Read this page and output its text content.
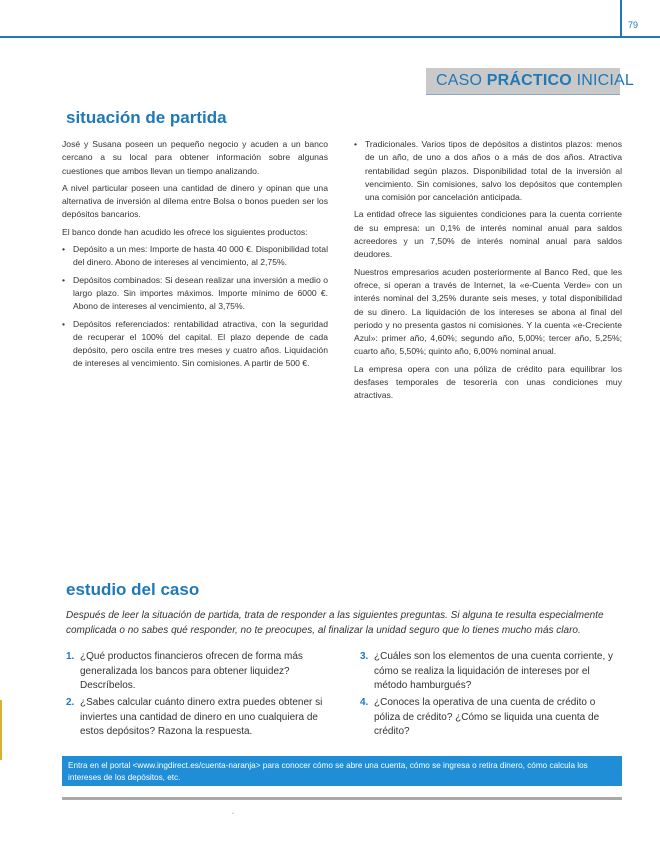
79
CASO PRÁCTICO INICIAL
situación de partida

José y Susana poseen un pequeño negocio y acuden a un banco cercano a su local para obtener información sobre algunas cuestiones que ambos llevan un tiempo analizando.

A nivel particular poseen una cantidad de dinero y opinan que una alternativa de inversión al dilema entre Bolsa o bonos pueden ser los depósitos bancarios.

El banco donde han acudido les ofrece los siguientes productos:

• Depósito a un mes: Importe de hasta 40 000 €. Disponibilidad total del dinero. Abono de intereses al vencimiento, al 2,75%.
• Depósitos combinados: Si desean realizar una inversión a medio o largo plazo. Sin importes máximos. Importe mínimo de 6000 €. Abono de intereses al vencimiento, al 3,75%.
• Depósitos referenciados: rentabilidad atractiva, con la seguridad de recuperar el 100% del capital. El plazo depende de cada depósito, pero oscila entre tres meses y cuatro años. Liquidación de intereses al vencimiento. Sin comisiones. A partir de 500 €.
• Tradicionales. Varios tipos de depósitos a distintos plazos: menos de un año, de uno a dos años o a más de dos años. Atractiva rentabilidad según plazos. Disponibilidad total de la inversión al vencimiento. Sin comisiones, salvo los depósitos que contemplen una comisión por cancelación anticipada.

La entidad ofrece las siguientes condiciones para la cuenta corriente de su empresa: un 0,1% de interés nominal anual para saldos acreedores y un 7,50% de interés nominal anual para saldos deudores.

Nuestros empresarios acuden posteriormente al Banco Red, que les ofrece, si operan a través de Internet, la «e-Cuenta Verde» con un interés nominal del 3,25% durante seis meses, y total disponibilidad de su dinero. La liquidación de los intereses se abona al final del periodo y no presenta gastos ni comisiones. Y la cuenta «e-Creciente Azul»: primer año, 4,60%; segundo año, 5,00%; tercer año, 5,25%; cuarto año, 5,50%; quinto año, 6,00% nominal anual.

La empresa opera con una póliza de crédito para equilibrar los desfases temporales de tesorería con unas condiciones muy atractivas.

estudio del caso
Después de leer la situación de partida, trata de responder a las siguientes preguntas. Si alguna te resulta especialmente complicada o no sabes qué responder, no te preocupes, al finalizar la unidad seguro que lo tienes mucho más claro.
1. ¿Qué productos financieros ofrecen de forma más generalizada los bancos para obtener liquidez? Descríbelos.
2. ¿Sabes calcular cuánto dinero extra puedes obtener si inviertes una cantidad de dinero en uno cualquiera de estos depósitos? Razona la respuesta.
3. ¿Cuáles son los elementos de una cuenta corriente, y cómo se realiza la liquidación de intereses por el método hamburgués?
4. ¿Conoces la operativa de una cuenta de crédito o póliza de crédito? ¿Cómo se liquida una cuenta de crédito?
Entra en el portal <www.ingdirect.es/cuenta-naranja> para conocer cómo se abre una cuenta, cómo se ingresa o retira dinero, cómo calcula los intereses de los depósitos, etc.
´
